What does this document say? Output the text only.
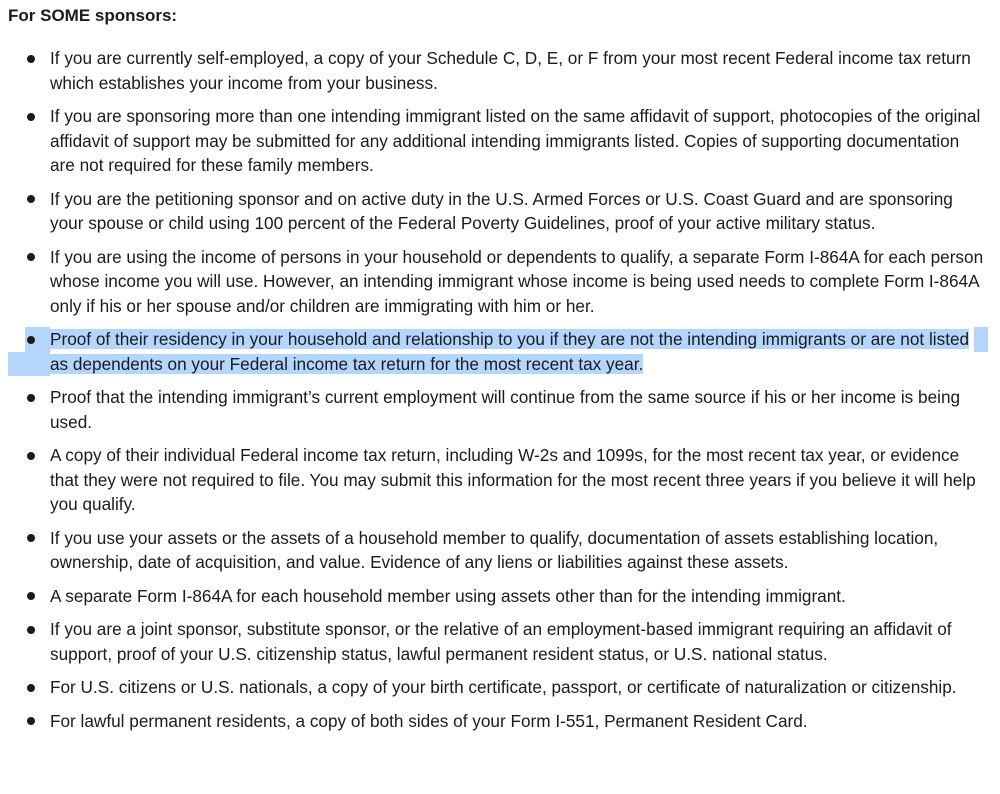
For SOME sponsors:
If you are currently self-employed, a copy of your Schedule C, D, E, or F from your most recent Federal income tax return which establishes your income from your business.
If you are sponsoring more than one intending immigrant listed on the same affidavit of support, photocopies of the original affidavit of support may be submitted for any additional intending immigrants listed. Copies of supporting documentation are not required for these family members.
If you are the petitioning sponsor and on active duty in the U.S. Armed Forces or U.S. Coast Guard and are sponsoring your spouse or child using 100 percent of the Federal Poverty Guidelines, proof of your active military status.
If you are using the income of persons in your household or dependents to qualify, a separate Form I-864A for each person whose income you will use. However, an intending immigrant whose income is being used needs to complete Form I-864A only if his or her spouse and/or children are immigrating with him or her.
Proof of their residency in your household and relationship to you if they are not the intending immigrants or are not listed as dependents on your Federal income tax return for the most recent tax year.
Proof that the intending immigrant’s current employment will continue from the same source if his or her income is being used.
A copy of their individual Federal income tax return, including W-2s and 1099s, for the most recent tax year, or evidence that they were not required to file. You may submit this information for the most recent three years if you believe it will help you qualify.
If you use your assets or the assets of a household member to qualify, documentation of assets establishing location, ownership, date of acquisition, and value. Evidence of any liens or liabilities against these assets.
A separate Form I-864A for each household member using assets other than for the intending immigrant.
If you are a joint sponsor, substitute sponsor, or the relative of an employment-based immigrant requiring an affidavit of support, proof of your U.S. citizenship status, lawful permanent resident status, or U.S. national status.
For U.S. citizens or U.S. nationals, a copy of your birth certificate, passport, or certificate of naturalization or citizenship.
For lawful permanent residents, a copy of both sides of your Form I-551, Permanent Resident Card.
